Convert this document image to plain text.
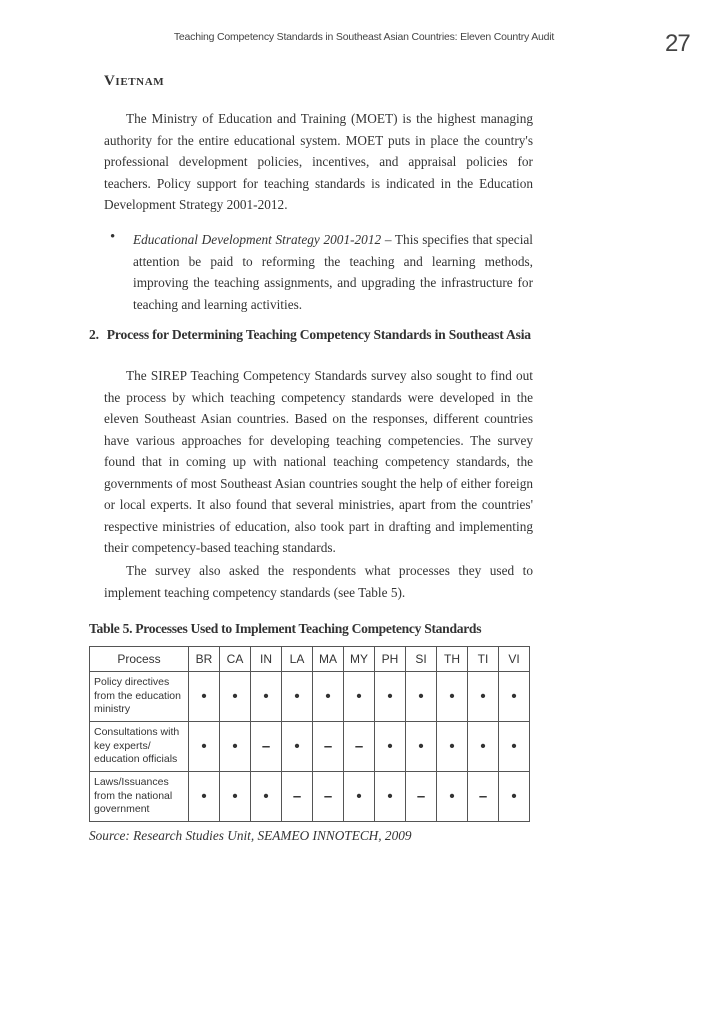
Teaching Competency Standards in Southeast Asian Countries: Eleven Country Audit	27
Vietnam

The Ministry of Education and Training (MOET) is the highest managing authority for the entire educational system. MOET puts in place the country's professional development policies, incentives, and appraisal policies for teachers. Policy support for teaching standards is indicated in the Education Development Strategy 2001-2012.

• Educational Development Strategy 2001-2012 – This specifies that special attention be paid to reforming the teaching and learning methods, improving the teaching assignments, and upgrading the infrastructure for teaching and learning activities.

2. Process for Determining Teaching Competency Standards in Southeast Asia

The SIREP Teaching Competency Standards survey also sought to find out the process by which teaching competency standards were developed in the eleven Southeast Asian countries. Based on the responses, different countries have various approaches for developing teaching competencies. The survey found that in coming up with national teaching competency standards, the governments of most Southeast Asian countries sought the help of either foreign or local experts. It also found that several ministries, apart from the countries' respective ministries of education, also took part in drafting and implementing their competency-based teaching standards.

The survey also asked the respondents what processes they used to implement teaching competency standards (see Table 5).

Table 5. Processes Used to Implement Teaching Competency Standards
Process	BR	CA	IN	LA	MA	MY	PH	SI	TH	TI	VI
Policy directives from the education ministry	•	•	•	•	•	•	•	•	•	•	•
Consultations with key experts/ education officials	•	•	–	•	–	–	•	•	•	•	•
Laws/Issuances from the national government	•	•	•	–	–	•	•	–	•	–	•
Source: Research Studies Unit, SEAMEO INNOTECH, 2009
